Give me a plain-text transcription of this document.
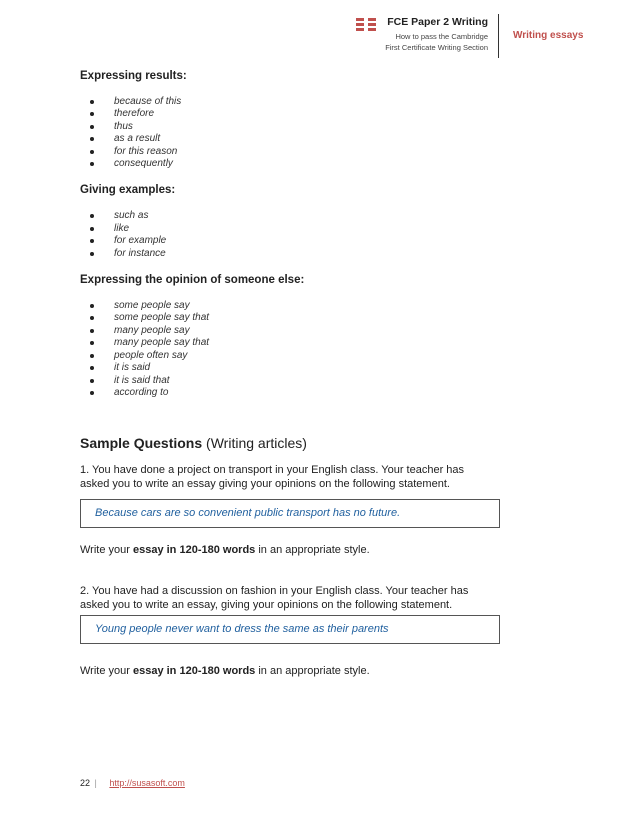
FCE Paper 2 Writing
How to pass the Cambridge
First Certificate Writing Section
Writing essays
Expressing results:
because of this
therefore
thus
as a result
for this reason
consequently
Giving examples:
such as
like
for example
for instance
Expressing the opinion of someone else:
some people say
some people say that
many people say
many people say that
people often say
it is said
it is said that
according to
Sample Questions (Writing articles)
1. You have done a project on transport in your English class. Your teacher has
asked you to write an essay giving your opinions on the following statement.
Because cars are so convenient public transport has no future.
Write your essay in 120-180 words in an appropriate style.
2. You have had a discussion on fashion in your English class. Your teacher has
asked you to write an essay, giving your opinions on the following statement.
Young people never want to dress the same as their parents
Write your essay in 120-180 words in an appropriate style.
22 | http://susasoft.com
